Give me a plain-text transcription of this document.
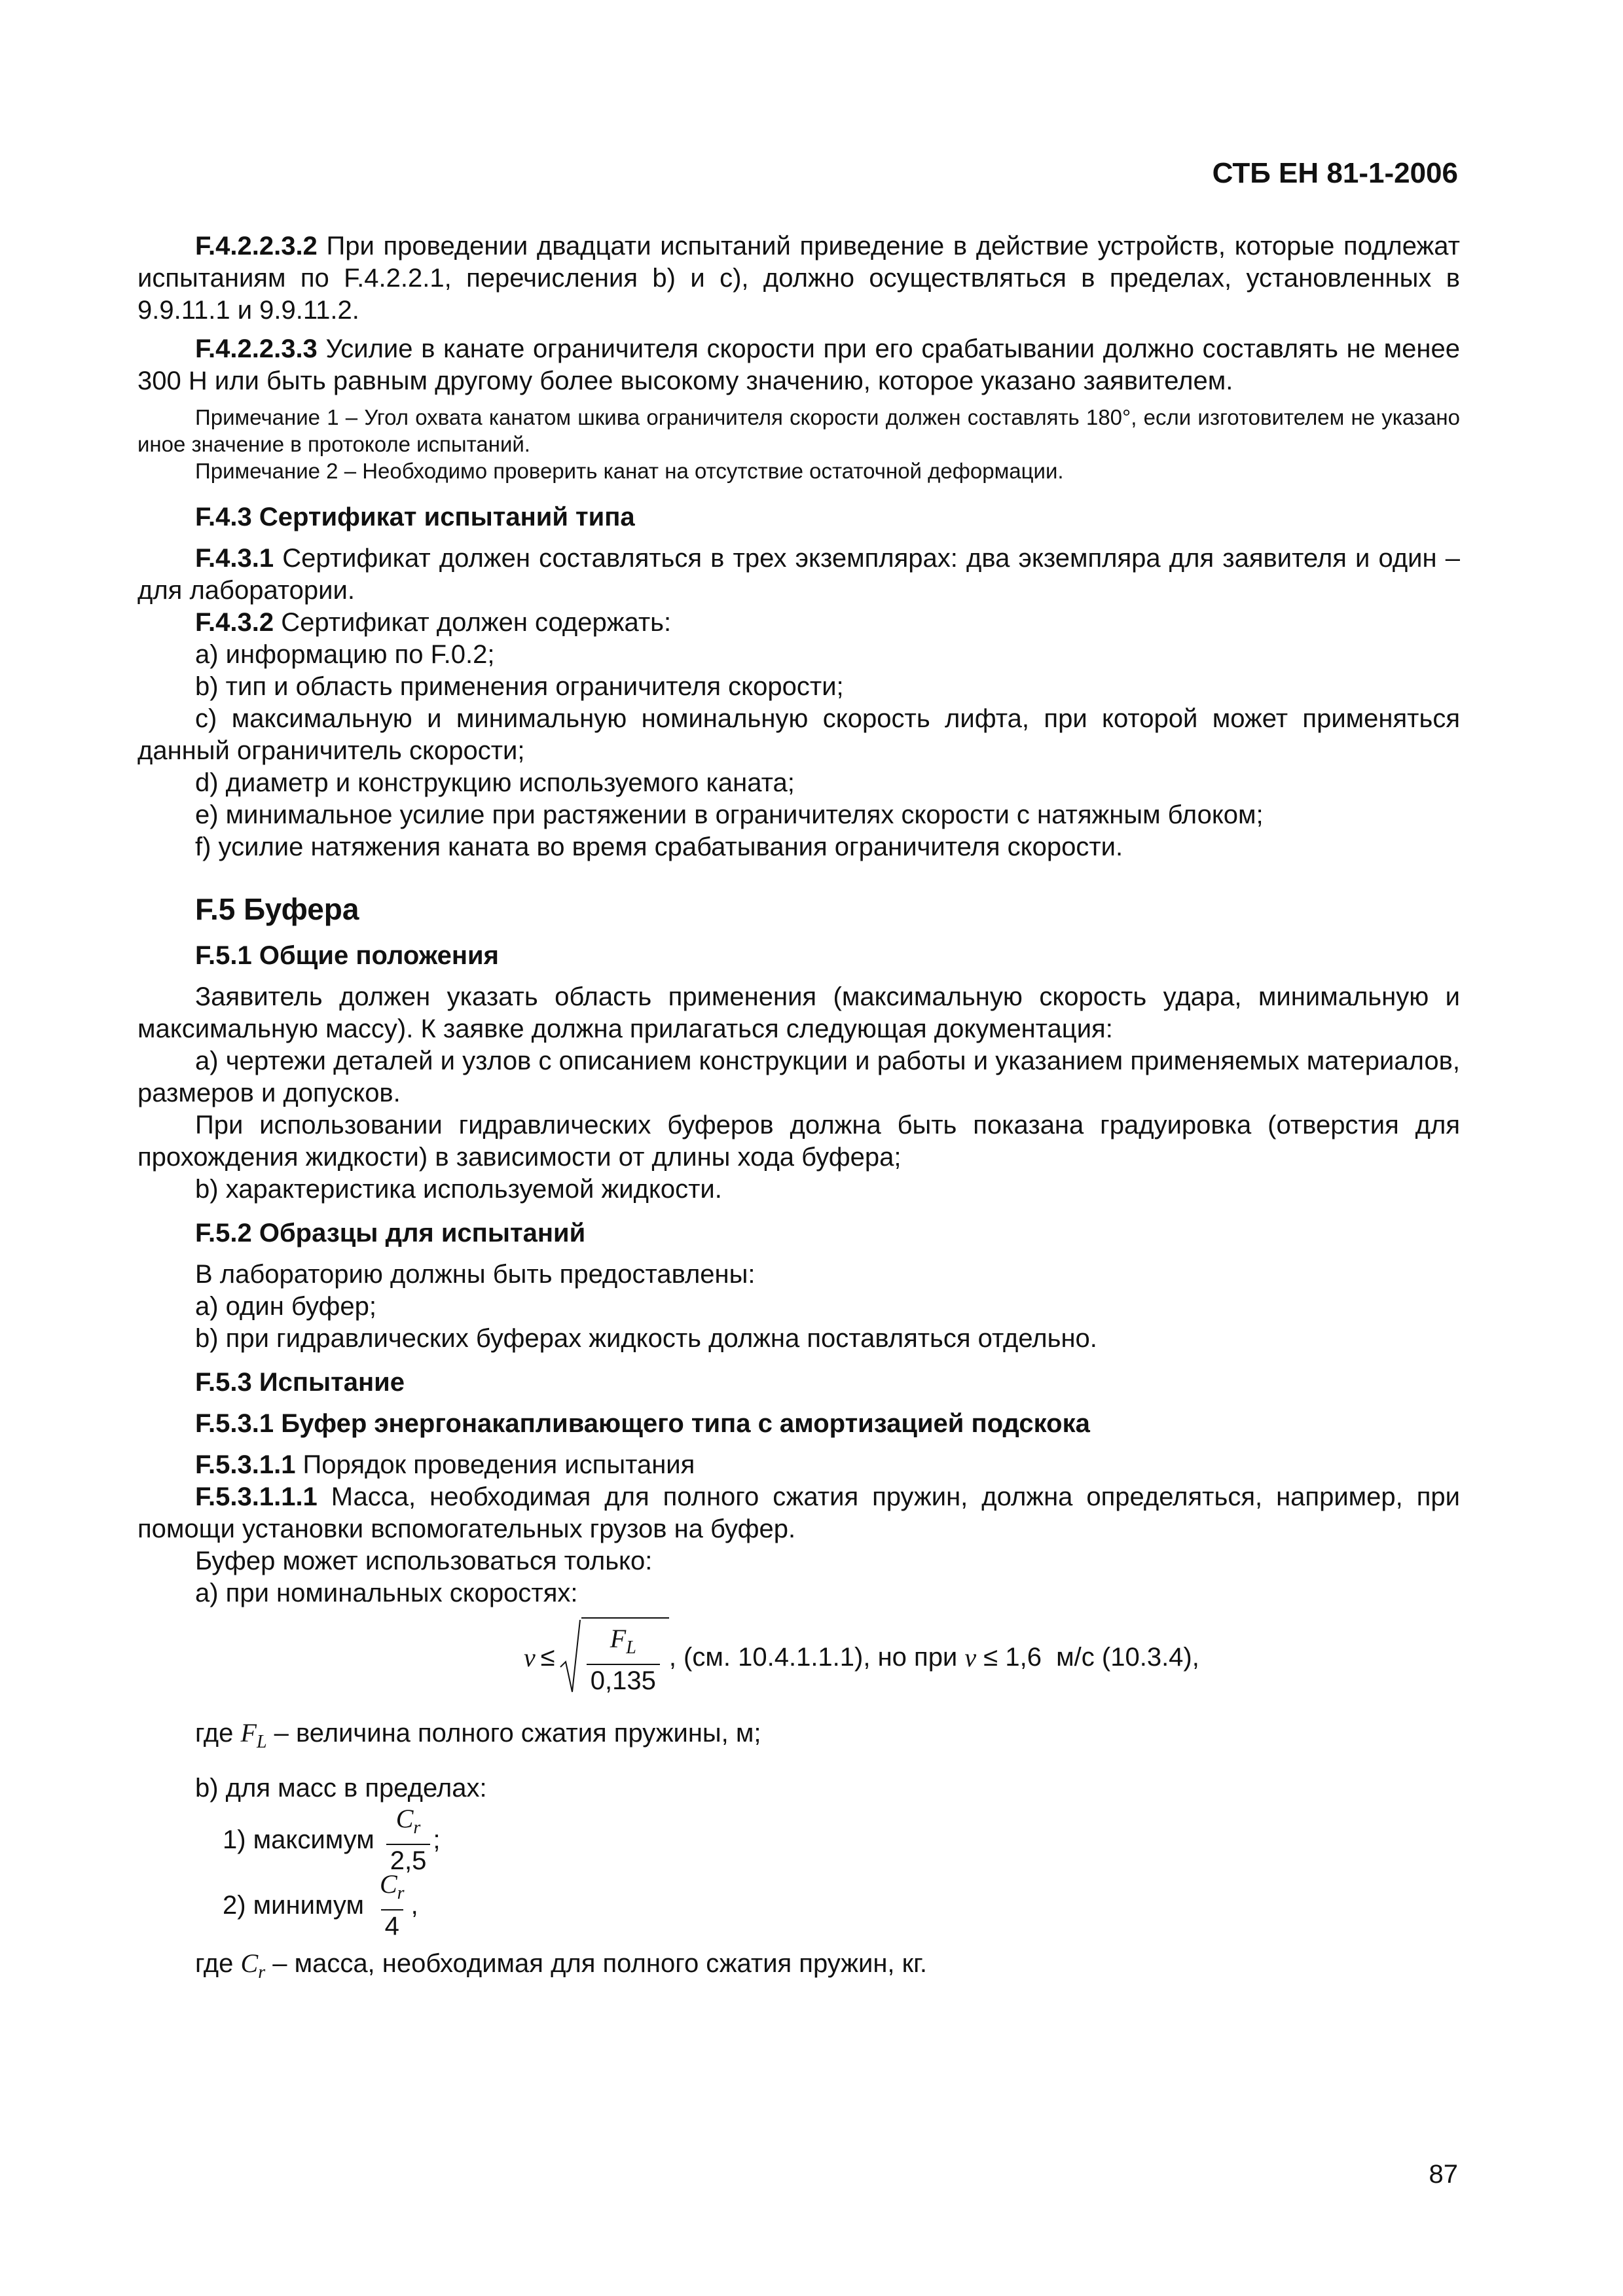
СТБ ЕН 81-1-2006

F.4.2.2.3.2 При проведении двадцати испытаний приведение в действие устройств, которые подлежат испытаниям по F.4.2.2.1, перечисления b) и c), должно осуществляться в пределах, установленных в 9.9.11.1 и 9.9.11.2.

F.4.2.2.3.3 Усилие в канате ограничителя скорости при его срабатывании должно составлять не менее 300 Н или быть равным другому более высокому значению, которое указано заявителем.

Примечание 1 – Угол охвата канатом шкива ограничителя скорости должен составлять 180°, если изготовителем не указано иное значение в протоколе испытаний.

Примечание 2 – Необходимо проверить канат на отсутствие остаточной деформации.

F.4.3 Сертификат испытаний типа

F.4.3.1 Сертификат должен составляться в трех экземплярах: два экземпляра для заявителя и один – для лаборатории.

F.4.3.2 Сертификат должен содержать:

a) информацию по F.0.2;

b) тип и область применения ограничителя скорости;

c) максимальную и минимальную номинальную скорость лифта, при которой может применяться данный ограничитель скорости;

d) диаметр и конструкцию используемого каната;

e) минимальное усилие при растяжении в ограничителях скорости с натяжным блоком;

f) усилие натяжения каната во время срабатывания ограничителя скорости.

F.5 Буфера
F.5.1 Общие положения

Заявитель должен указать область применения (максимальную скорость удара, минимальную и максимальную массу). К заявке должна прилагаться следующая документация:

a) чертежи деталей и узлов с описанием конструкции и работы и указанием применяемых материалов, размеров и допусков.

При использовании гидравлических буферов должна быть показана градуировка (отверстия для прохождения жидкости) в зависимости от длины хода буфера;

b) характеристика используемой жидкости.

F.5.2 Образцы для испытаний

В лабораторию должны быть предоставлены:

a) один буфер;

b) при гидравлических буферах жидкость должна поставляться отдельно.

F.5.3 Испытание
F.5.3.1 Буфер энергонакапливающего типа с амортизацией подскока

F.5.3.1.1 Порядок проведения испытания

F.5.3.1.1.1 Масса, необходимая для полного сжатия пружин, должна определяться, например, при помощи установки вспомогательных грузов на буфер.

Буфер может использоваться только:

a) при номинальных скоростях:

$v \le \frac{F_L}{0,135}$ , (см. 10.4.1.1.1), но при v ≤ 1,6  м/с (10.3.4),

где $F_L$ – величина полного сжатия пружины, м;

b) для масс в пределах:

1) максимум $\frac{C_r}{2,5}$ ;
2) минимум $\frac{C_r}{4}$ ,

где $C_r$ – масса, необходимая для полного сжатия пружин, кг.

87
